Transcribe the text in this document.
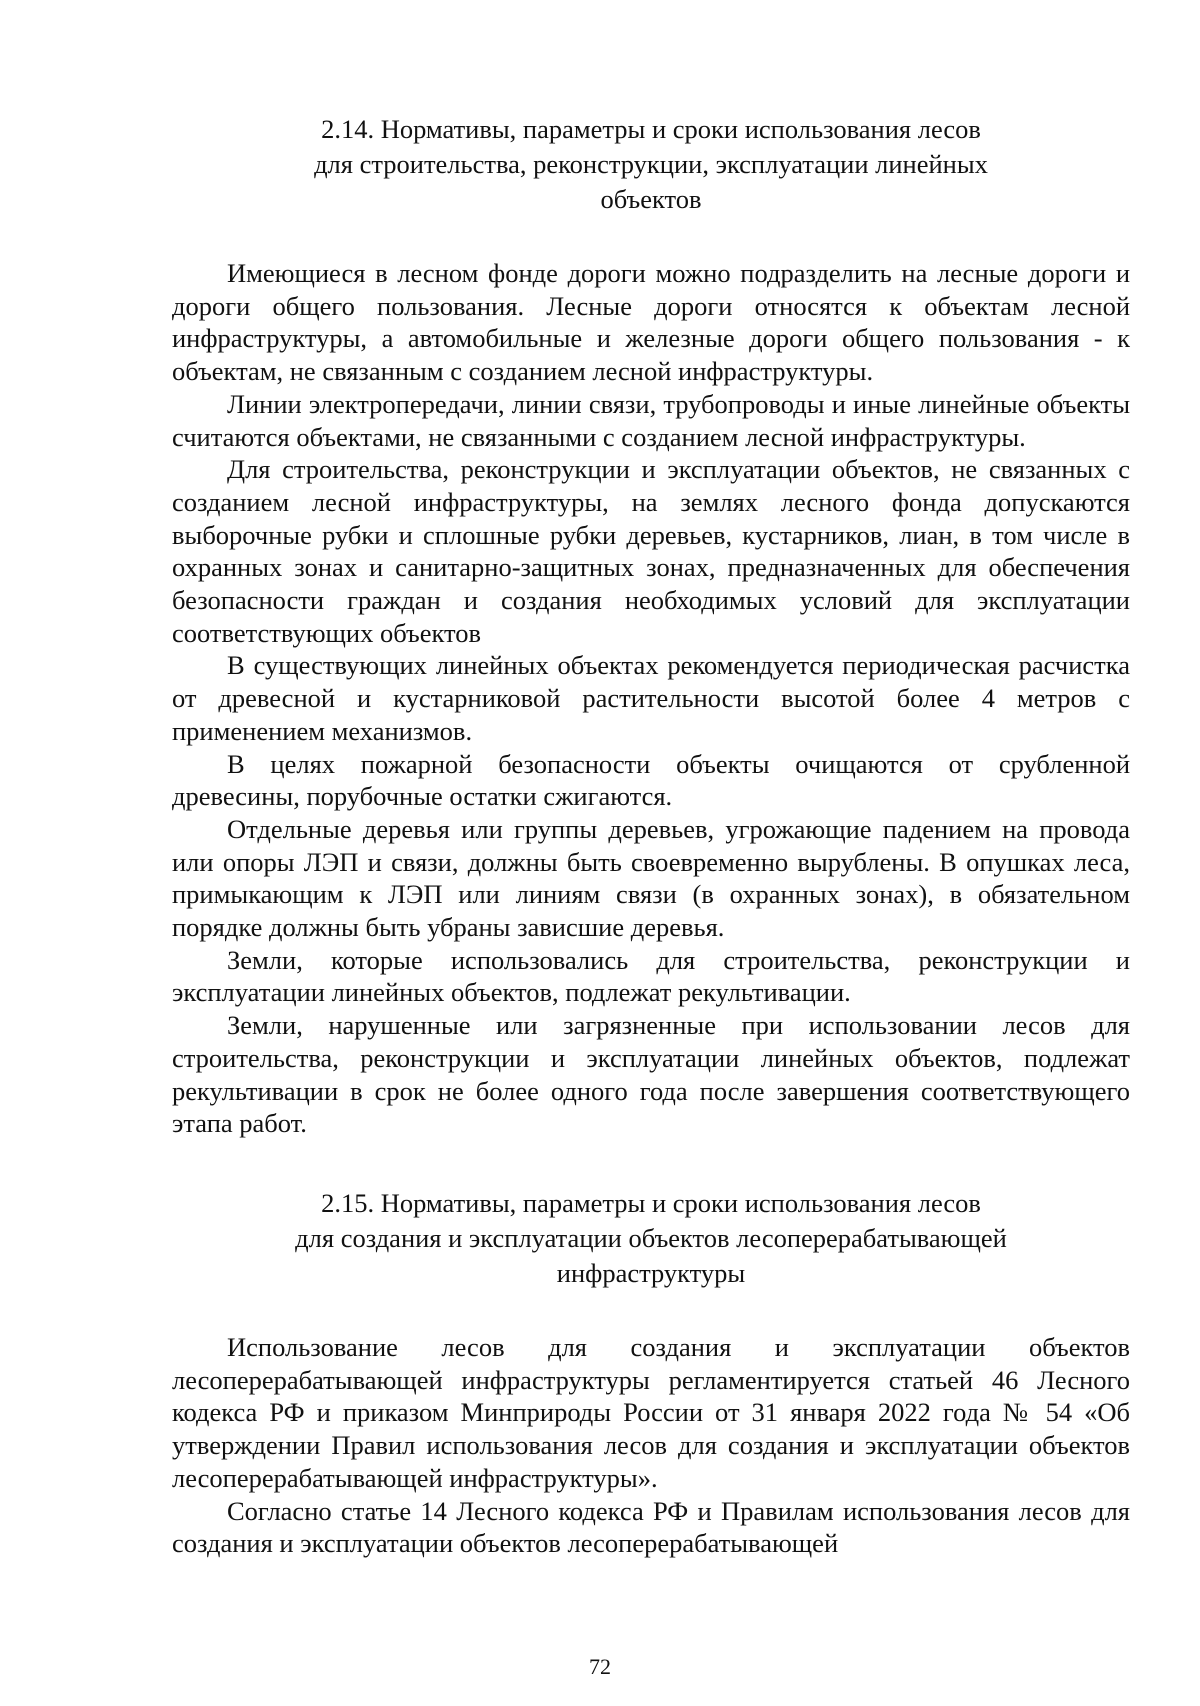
2.14. Нормативы, параметры и сроки использования лесов
для строительства, реконструкции, эксплуатации линейных
объектов

Имеющиеся в лесном фонде дороги можно подразделить на лесные дороги и дороги общего пользования. Лесные дороги относятся к объектам лесной инфраструктуры, а автомобильные и железные дороги общего пользования - к объектам, не связанным с созданием лесной инфраструктуры.

Линии электропередачи, линии связи, трубопроводы и иные линейные объекты считаются объектами, не связанными с созданием лесной инфраструктуры.

Для строительства, реконструкции и эксплуатации объектов, не связанных с созданием лесной инфраструктуры, на землях лесного фонда допускаются выборочные рубки и сплошные рубки деревьев, кустарников, лиан, в том числе в охранных зонах и санитарно-защитных зонах, предназначенных для обеспечения безопасности граждан и создания необходимых условий для эксплуатации соответствующих объектов

В существующих линейных объектах рекомендуется периодическая расчистка от древесной и кустарниковой растительности высотой более 4 метров с применением механизмов.

В целях пожарной безопасности объекты очищаются от срубленной древесины, порубочные остатки сжигаются.

Отдельные деревья или группы деревьев, угрожающие падением на провода или опоры ЛЭП и связи, должны быть своевременно вырублены. В опушках леса, примыкающим к ЛЭП или линиям связи (в охранных зонах), в обязательном порядке должны быть убраны зависшие деревья.

Земли, которые использовались для строительства, реконструкции и эксплуатации линейных объектов, подлежат рекультивации.

Земли, нарушенные или загрязненные при использовании лесов для строительства, реконструкции и эксплуатации линейных объектов, подлежат рекультивации в срок не более одного года после завершения соответствующего этапа работ.

2.15. Нормативы, параметры и сроки использования лесов
для создания и эксплуатации объектов лесоперерабатывающей
инфраструктуры

Использование лесов для создания и эксплуатации объектов лесоперерабатывающей инфраструктуры регламентируется статьей 46 Лесного кодекса РФ и приказом Минприроды России от 31 января 2022 года № 54 «Об утверждении Правил использования лесов для создания и эксплуатации объектов лесоперерабатывающей инфраструктуры».

Согласно статье 14 Лесного кодекса РФ и Правилам использования лесов для создания и эксплуатации объектов лесоперерабатывающей

72
